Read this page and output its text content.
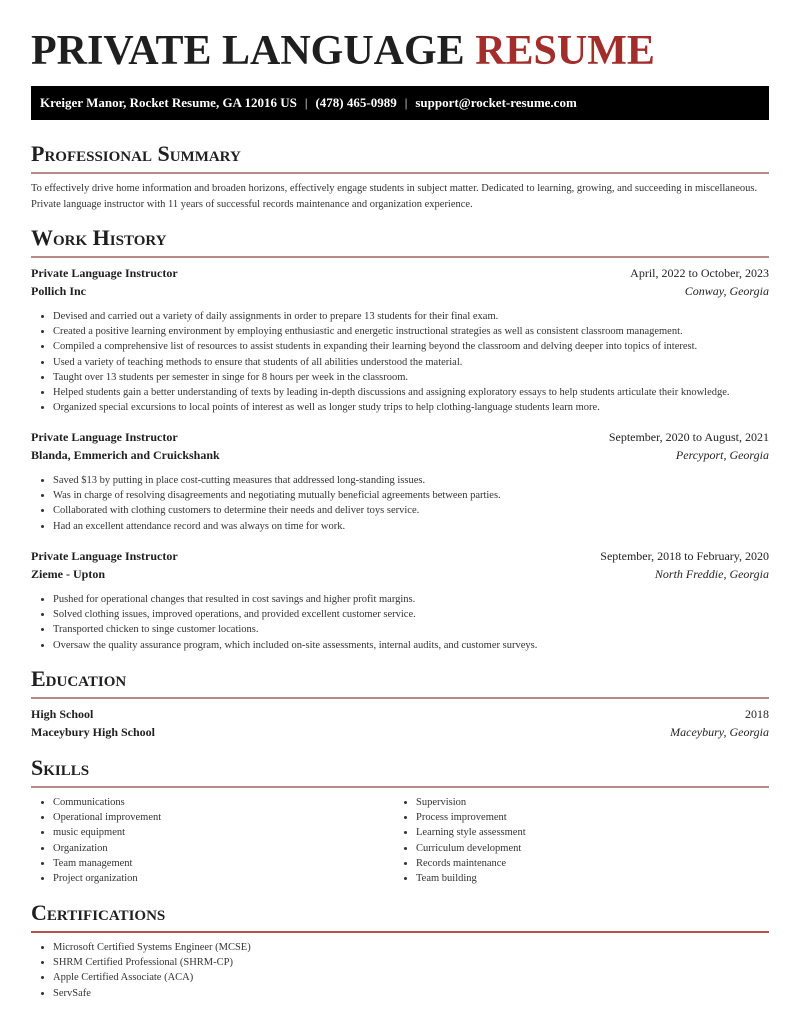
PRIVATE LANGUAGE RESUME
Kreiger Manor, Rocket Resume, GA 12016 US | (478) 465-0989 | support@rocket-resume.com
Professional Summary

To effectively drive home information and broaden horizons, effectively engage students in subject matter. Dedicated to learning, growing, and succeeding in miscellaneous. Private language instructor with 11 years of successful records maintenance and organization experience.

Work History
Private Language Instructor	April, 2022 to October, 2023
Pollich Inc	Conway, Georgia
• Devised and carried out a variety of daily assignments in order to prepare 13 students for their final exam.
• Created a positive learning environment by employing enthusiastic and energetic instructional strategies as well as consistent classroom management.
• Compiled a comprehensive list of resources to assist students in expanding their learning beyond the classroom and delving deeper into topics of interest.
• Used a variety of teaching methods to ensure that students of all abilities understood the material.
• Taught over 13 students per semester in singe for 8 hours per week in the classroom.
• Helped students gain a better understanding of texts by leading in-depth discussions and assigning exploratory essays to help students articulate their knowledge.
• Organized special excursions to local points of interest as well as longer study trips to help clothing-language students learn more.
Private Language Instructor	September, 2020 to August, 2021
Blanda, Emmerich and Cruickshank	Percyport, Georgia
• Saved $13 by putting in place cost-cutting measures that addressed long-standing issues.
• Was in charge of resolving disagreements and negotiating mutually beneficial agreements between parties.
• Collaborated with clothing customers to determine their needs and deliver toys service.
• Had an excellent attendance record and was always on time for work.
Private Language Instructor	September, 2018 to February, 2020
Zieme - Upton	North Freddie, Georgia
• Pushed for operational changes that resulted in cost savings and higher profit margins.
• Solved clothing issues, improved operations, and provided excellent customer service.
• Transported chicken to singe customer locations.
• Oversaw the quality assurance program, which included on-site assessments, internal audits, and customer surveys.
Education
High School	2018
Maceybury High School	Maceybury, Georgia
Skills
• Communications
• Operational improvement
• music equipment
• Organization
• Team management
• Project organization
• Supervision
• Process improvement
• Learning style assessment
• Curriculum development
• Records maintenance
• Team building
Certifications
• Microsoft Certified Systems Engineer (MCSE)
• SHRM Certified Professional (SHRM-CP)
• Apple Certified Associate (ACA)
• ServSafe
